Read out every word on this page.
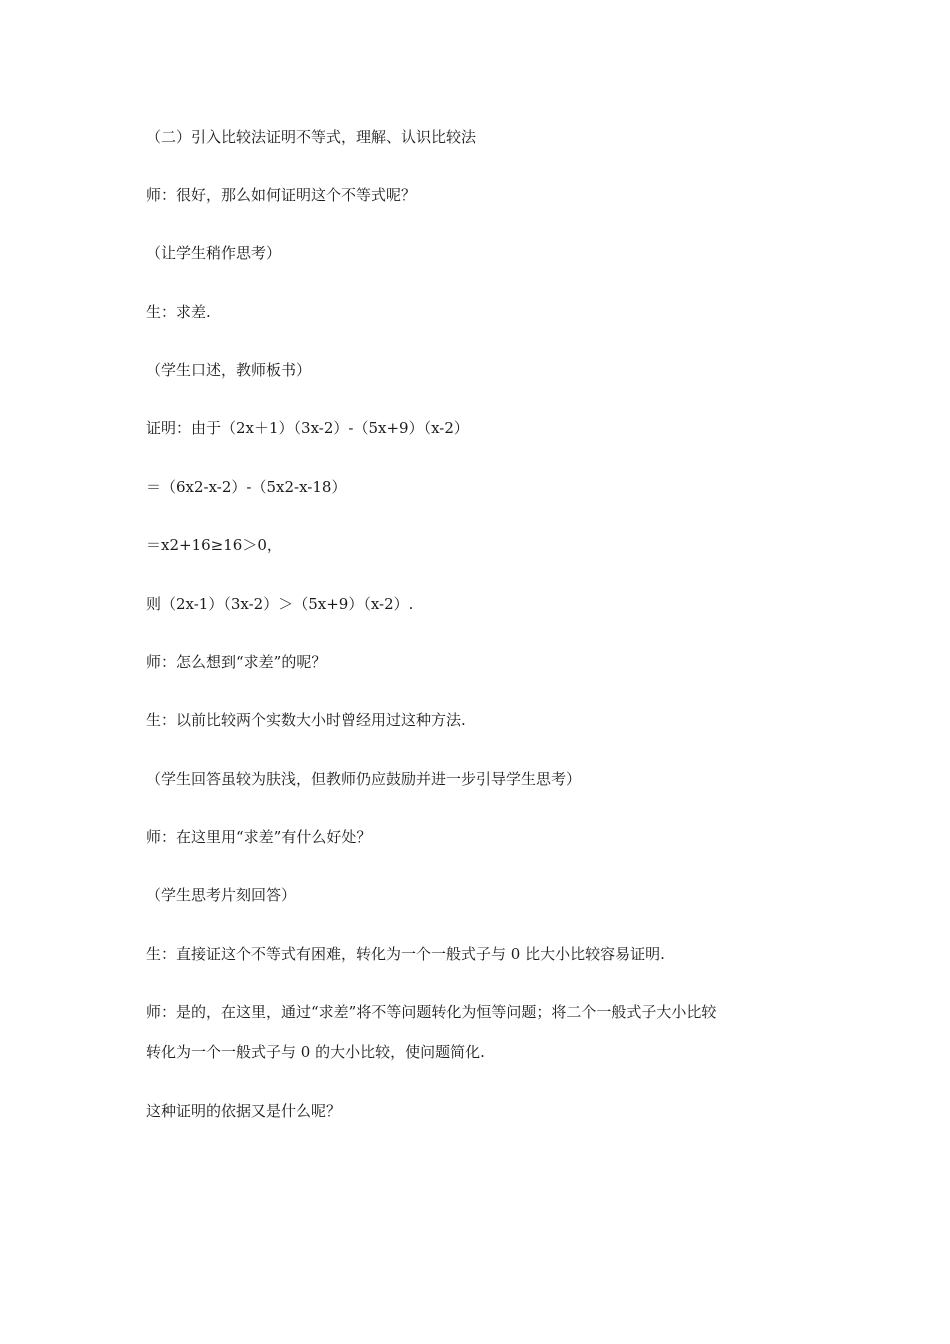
（二）引入比较法证明不等式，理解、认识比较法

师：很好，那么如何证明这个不等式呢？

（让学生稍作思考）

生：求差.

（学生口述，教师板书）

证明：由于（2x＋1）（3x-2）-（5x+9）（x-2）

＝（6x2-x-2）-（5x2-x-18）

＝x2+16≥16＞0，

则（2x-1）（3x-2）＞（5x+9）（x-2）.

师：怎么想到“求差”的呢？

生：以前比较两个实数大小时曾经用过这种方法.

（学生回答虽较为肤浅，但教师仍应鼓励并进一步引导学生思考）

师：在这里用“求差”有什么好处？

（学生思考片刻回答）

生：直接证这个不等式有困难，转化为一个一般式子与 0 比大小比较容易证明.

师：是的，在这里，通过“求差”将不等问题转化为恒等问题；将二个一般式子大小比较

转化为一个一般式子与 0 的大小比较，使问题简化.

这种证明的依据又是什么呢？
